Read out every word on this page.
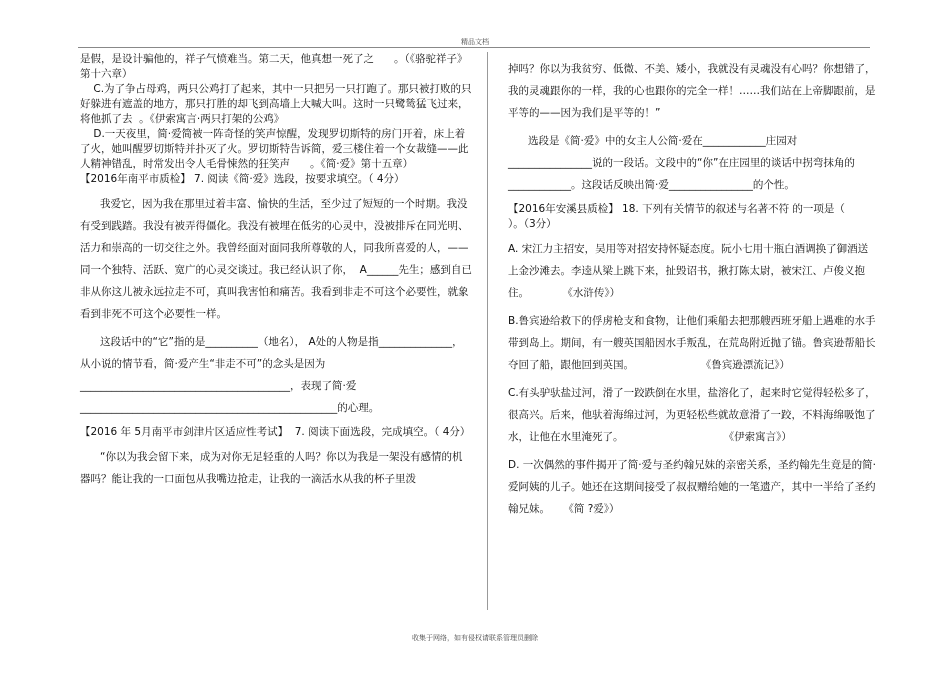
精品文档

是假，是设计骗他的，祥子气愤难当。第二天，他真想一死了之      。（《骆驼祥子》第十六章）

C.为了争占母鸡，两只公鸡打了起来，其中一只把另一只打跑了。那只被打败的只好躲进有遮盖的地方，那只打胜的却飞到高墙上大喊大叫。这时一只鹭鸶猛飞过来，将他抓了去  。《伊索寓言·两只打架的公鸡》

D.一天夜里，简·爱简被一阵奇怪的笑声惊醒，发现罗切斯特的房门开着，床上着了火，她叫醒罗切斯特并扑灭了火。罗切斯特告诉简，爱三楼住着一个女裁缝——此人精神错乱，时常发出令人毛骨悚然的狂笑声      。《简·爱》第十五章）

【2016年南平市质检】 7. 阅读《简·爱》选段，按要求填空。（ 4分）

我爱它，因为我在那里过着丰富、愉快的生活，至少过了短短的一个时期。我没有受到践踏。我没有被弄得僵化。我没有被埋在低劣的心灵中，没被排斥在同光明、活力和崇高的一切交往之外。我曾经面对面同我所尊敬的人，同我所喜爱的人，——同一个独特、活跃、宽广的心灵交谈过。我已经认识了你，  A______先生；感到自已非从你这儿被永远拉走不可，真叫我害怕和痛苦。我看到非走不可这个必要性，就象看到非死不可这个必要性一样。

这段话中的“它”指的是__________（地名）， A处的人物是指______________，从小说的情节看，简·爱产生“非走不可”的念头是因为________________________________________，表现了简·爱_________________________________________________的心理。

【2016 年 5月南平市剑津片区适应性考试】  7. 阅读下面选段，完成填空。（ 4分）

“你以为我会留下来，成为对你无足轻重的人吗？你以为我是一架没有感情的机器吗？能让我的一口面包从我嘴边抢走，让我的一滴活水从我的杯子里泼

掉吗？你以为我贫穷、低微、不美、矮小，我就没有灵魂没有心吗？你想错了，我的灵魂跟你的一样，我的心也跟你的完全一样！……我们站在上帝脚跟前，是平等的——因为我们是平等的！”

选段是《简·爱》中的女主人公简·爱在____________庄园对________________说的一段话。文段中的“你”在庄园里的谈话中拐弯抹角的____________。这段话反映出简·爱________________的个性。

【2016年安溪县质检】 18. 下列有关情节的叙述与名著不符 的一项是（            ）。（3分）

A. 宋江力主招安，吴用等对招安持怀疑态度。阮小七用十瓶白酒调换了御酒送上金沙滩去。李逵从梁上跳下来，扯毁诏书，揪打陈太尉，被宋江、卢俊义抱住。          《水浒传》）

B.鲁宾逊给救下的俘虏枪支和食物，让他们乘船去把那艘西班牙船上遇难的水手带到岛上。期间，有一艘英国船因水手叛乱，在荒岛附近抛了锚。鲁宾逊帮船长夺回了船，跟他回到英国。                    《鲁宾逊漂流记》）

C.有头驴驮盐过河，滑了一跤跌倒在水里，盐溶化了，起来时它觉得轻松多了，很高兴。后来，他驮着海绵过河，为更轻松些就故意滑了一跤，不料海绵吸饱了水，让他在水里淹死了。                              《伊索寓言》）

D. 一次偶然的事件揭开了简·爱与圣约翰兄妹的亲密关系，圣约翰先生竟是的简·爱阿姨的儿子。她还在这期间接受了叔叔赠给她的一笔遗产，其中一半给了圣约翰兄妹。    《简 ?爱》）

收集于网络，如有侵权请联系管理员删除
